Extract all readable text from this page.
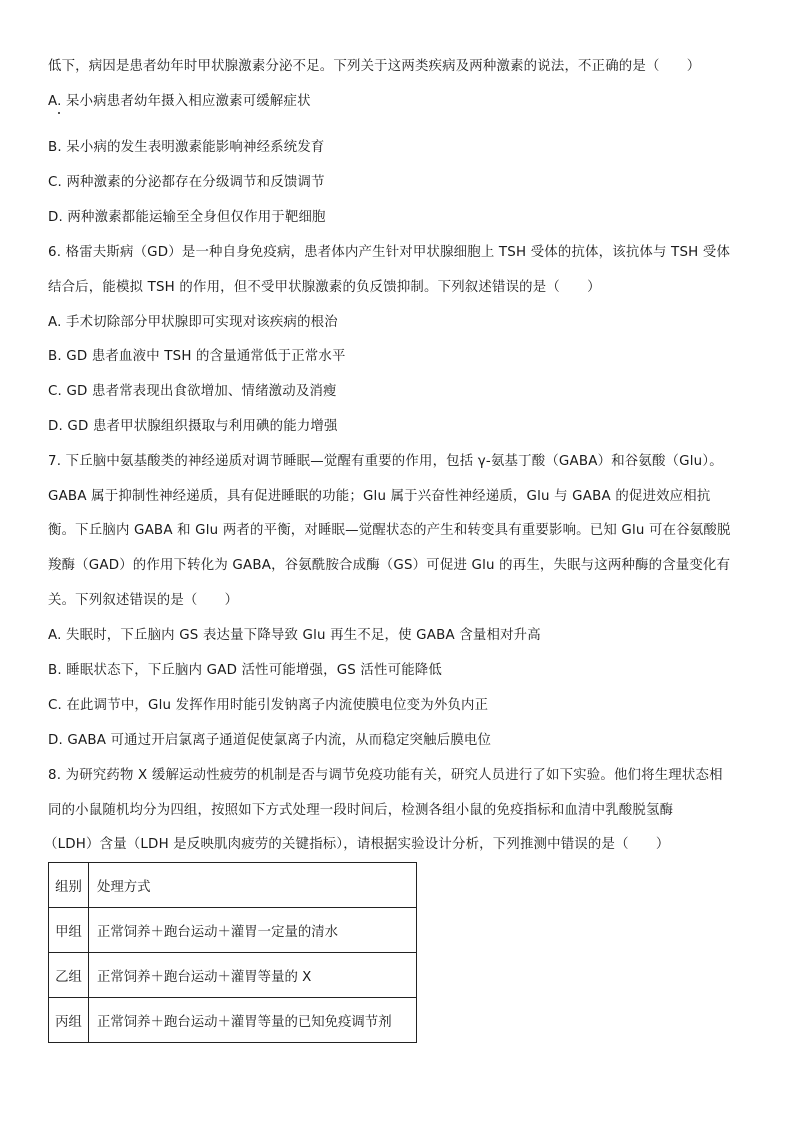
低下，病因是患者幼年时甲状腺激素分泌不足。下列关于这两类疾病及两种激素的说法，不正确的是（　　）
A. 呆小病患者幼年摄入相应激素可缓解症状
B. 呆小病的发生表明激素能影响神经系统发育
C. 两种激素的分泌都存在分级调节和反馈调节
D. 两种激素都能运输至全身但仅作用于靶细胞
6. 格雷夫斯病（GD）是一种自身免疫病，患者体内产生针对甲状腺细胞上 TSH 受体的抗体，该抗体与 TSH 受体
结合后，能模拟 TSH 的作用，但不受甲状腺激素的负反馈抑制。下列叙述错误的是（　　）
A. 手术切除部分甲状腺即可实现对该疾病的根治
B. GD 患者血液中 TSH 的含量通常低于正常水平
C. GD 患者常表现出食欲增加、情绪激动及消瘦
D. GD 患者甲状腺组织摄取与利用碘的能力增强
7. 下丘脑中氨基酸类的神经递质对调节睡眠—觉醒有重要的作用，包括 γ-氨基丁酸（GABA）和谷氨酸（Glu）。
GABA 属于抑制性神经递质，具有促进睡眠的功能；Glu 属于兴奋性神经递质，Glu 与 GABA 的促进效应相抗
衡。下丘脑内 GABA 和 Glu 两者的平衡，对睡眠—觉醒状态的产生和转变具有重要影响。已知 Glu 可在谷氨酸脱
羧酶（GAD）的作用下转化为 GABA，谷氨酰胺合成酶（GS）可促进 Glu 的再生，失眠与这两种酶的含量变化有
关。下列叙述错误的是（　　）
A. 失眠时，下丘脑内 GS 表达量下降导致 Glu 再生不足，使 GABA 含量相对升高
B. 睡眠状态下，下丘脑内 GAD 活性可能增强，GS 活性可能降低
C. 在此调节中，Glu 发挥作用时能引发钠离子内流使膜电位变为外负内正
D. GABA 可通过开启氯离子通道促使氯离子内流，从而稳定突触后膜电位
8. 为研究药物 X 缓解运动性疲劳的机制是否与调节免疫功能有关，研究人员进行了如下实验。他们将生理状态相
同的小鼠随机均分为四组，按照如下方式处理一段时间后，检测各组小鼠的免疫指标和血清中乳酸脱氢酶
（LDH）含量（LDH 是反映肌肉疲劳的关键指标），请根据实验设计分析，下列推测中错误的是（　　）
组别	处理方式
甲组	正常饲养＋跑台运动＋灌胃一定量的清水
乙组	正常饲养＋跑台运动＋灌胃等量的 X
丙组	正常饲养＋跑台运动＋灌胃等量的已知免疫调节剂
